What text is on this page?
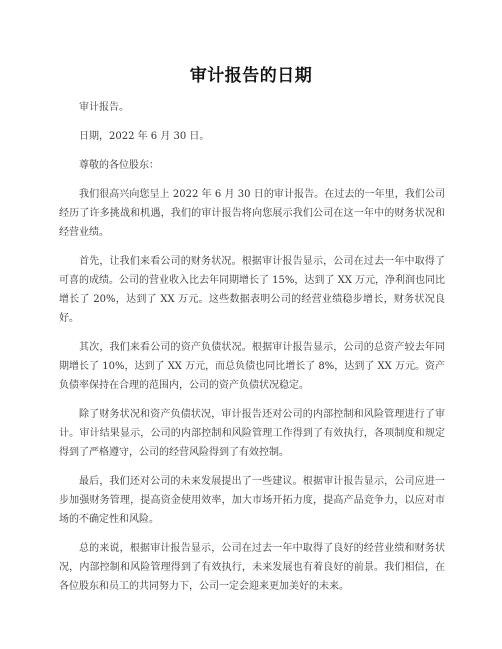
审计报告的日期

审计报告。

日期，2022 年 6 月 30 日。

尊敬的各位股东：

我们很高兴向您呈上 2022 年 6 月 30 日的审计报告。在过去的一年里，我们公司经历了许多挑战和机遇，我们的审计报告将向您展示我们公司在这一年中的财务状况和经营业绩。

首先，让我们来看公司的财务状况。根据审计报告显示，公司在过去一年中取得了可喜的成绩。公司的营业收入比去年同期增长了 15%，达到了 XX 万元，净利润也同比增长了 20%，达到了 XX 万元。这些数据表明公司的经营业绩稳步增长，财务状况良好。

其次，我们来看公司的资产负债状况。根据审计报告显示，公司的总资产较去年同期增长了 10%，达到了 XX 万元，而总负债也同比增长了 8%，达到了 XX 万元。资产负债率保持在合理的范围内，公司的资产负债状况稳定。

除了财务状况和资产负债状况，审计报告还对公司的内部控制和风险管理进行了审计。审计结果显示，公司的内部控制和风险管理工作得到了有效执行，各项制度和规定得到了严格遵守，公司的经营风险得到了有效控制。

最后，我们还对公司的未来发展提出了一些建议。根据审计报告显示，公司应进一步加强财务管理，提高资金使用效率，加大市场开拓力度，提高产品竞争力，以应对市场的不确定性和风险。

总的来说，根据审计报告显示，公司在过去一年中取得了良好的经营业绩和财务状况，内部控制和风险管理得到了有效执行，未来发展也有着良好的前景。我们相信，在各位股东和员工的共同努力下，公司一定会迎来更加美好的未来。
